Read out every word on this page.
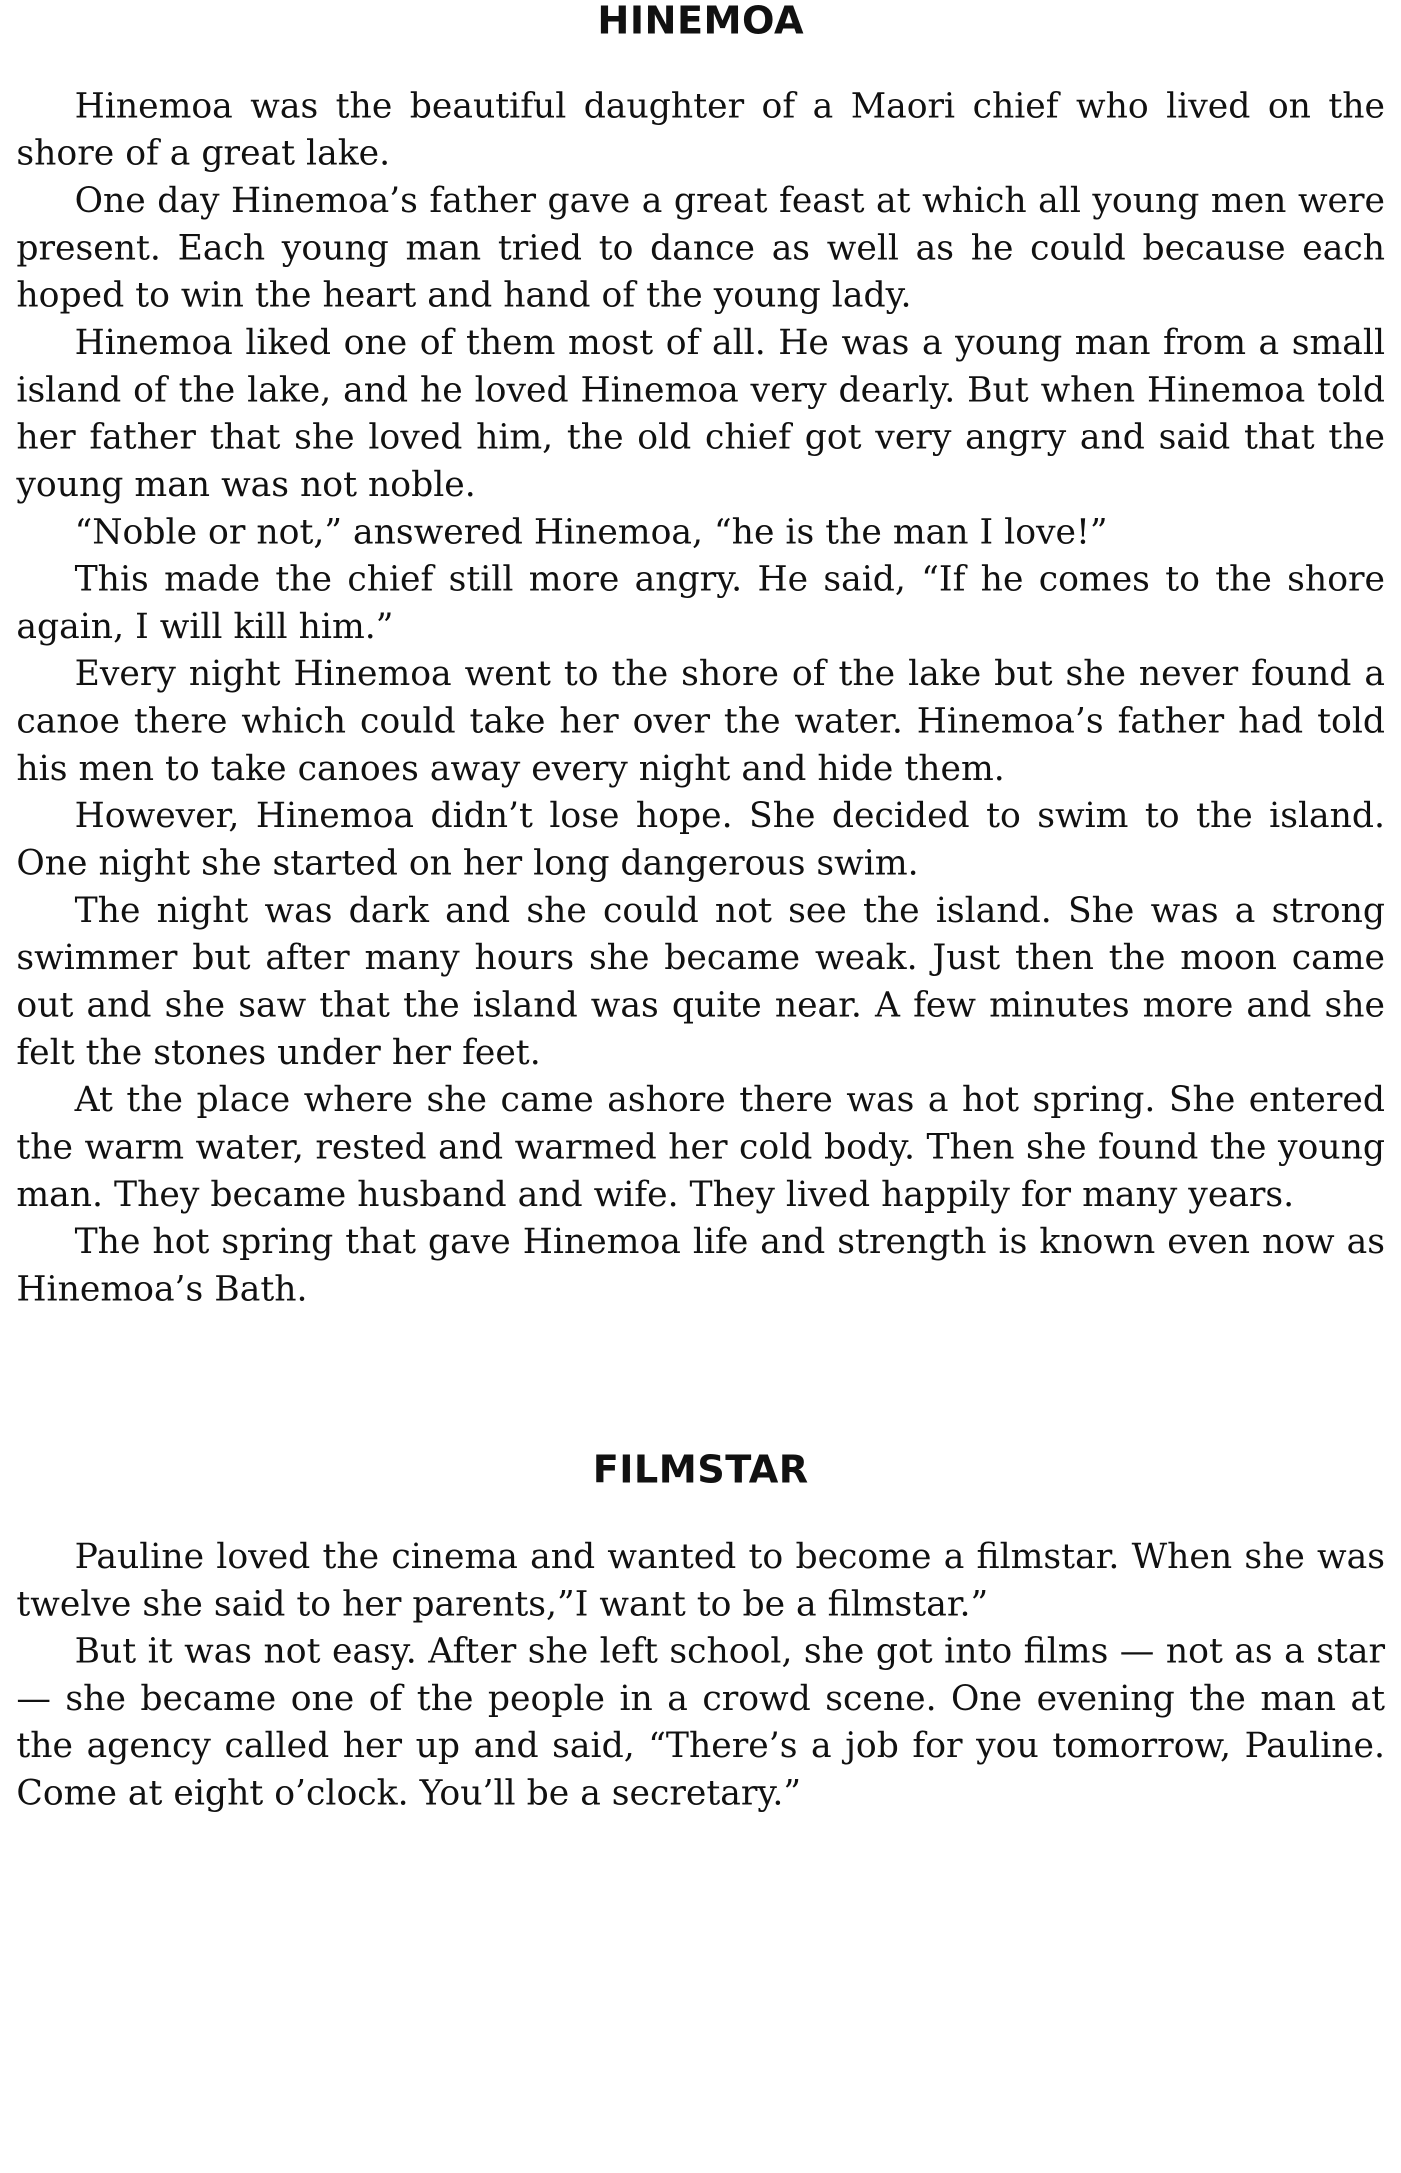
HINEMOA

Hinemoa was the beautiful daughter of a Maori chief who lived on the shore of a great lake.

One day Hinemoa’s father gave a great feast at which all young men were present. Each young man tried to dance as well as he could because each hoped to win the heart and hand of the young lady.

Hinemoa liked one of them most of all. He was a young man from a small island of the lake, and he loved Hinemoa very dearly. But when Hinemoa told her father that she loved him, the old chief got very angry and said that the young man was not noble.

“Noble or not,” answered Hinemoa, “he is the man I love!”

This made the chief still more angry. He said, “If he comes to the shore again, I will kill him.”

Every night Hinemoa went to the shore of the lake but she never found a canoe there which could take her over the water. Hinemoa’s father had told his men to take canoes away every night and hide them.

However, Hinemoa didn’t lose hope. She decided to swim to the island. One night she started on her long dangerous swim.

The night was dark and she could not see the island. She was a strong swimmer but after many hours she became weak. Just then the moon came out and she saw that the island was quite near. A few minutes more and she felt the stones under her feet.

At the place where she came ashore there was a hot spring. She entered the warm water, rested and warmed her cold body. Then she found the young man. They became husband and wife. They lived happily for many years.

The hot spring that gave Hinemoa life and strength is known even now as Hinemoa’s Bath.

FILMSTAR

Pauline loved the cinema and wanted to become a filmstar. When she was twelve she said to her parents,”I want to be a filmstar.”

But it was not easy. After she left school, she got into films — not as a star — she became one of the people in a crowd scene. One evening the man at the agency called her up and said, “There’s a job for you tomorrow, Pauline. Come at eight o’clock. You’ll be a secretary.”
